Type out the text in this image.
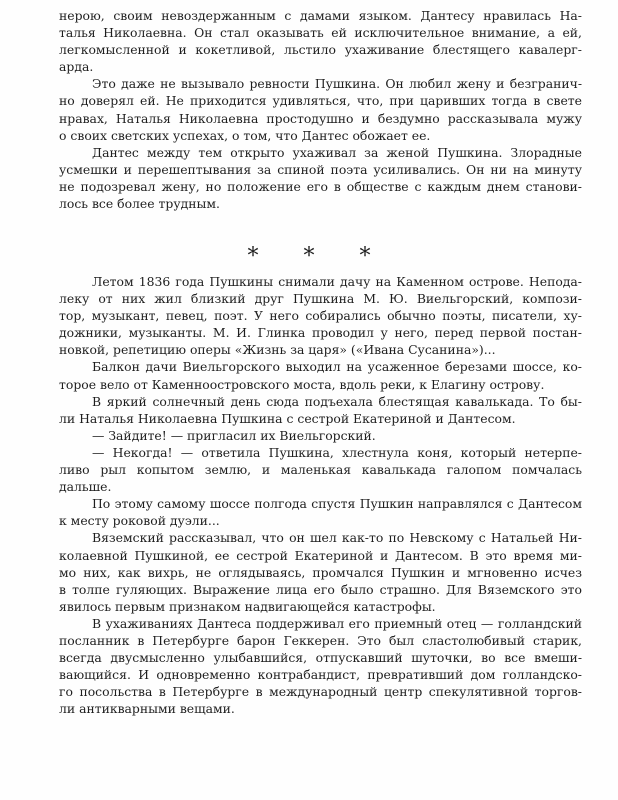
нерою, своим невоздержанным с дамами языком. Дантесу нравилась На-
талья Николаевна. Он стал оказывать ей исключительное внимание, а ей,
легкомысленной и кокетливой, льстило ухаживание блестящего кавалерг-
арда.
Это даже не вызывало ревности Пушкина. Он любил жену и безгранич-
но доверял ей. Не приходится удивляться, что, при царивших тогда в свете
нравах, Наталья Николаевна простодушно и бездумно рассказывала мужу
о своих светских успехах, о том, что Дантес обожает ее.
Дантес между тем открыто ухаживал за женой Пушкина. Злорадные
усмешки и перешептывания за спиной поэта усиливались. Он ни на минуту
не подозревал жену, но положение его в обществе с каждым днем станови-
лось все более трудным.
* * *
Летом 1836 года Пушкины снимали дачу на Каменном острове. Непода-
леку от них жил близкий друг Пушкина М. Ю. Виельгорский, компози-
тор, музыкант, певец, поэт. У него собирались обычно поэты, писатели, ху-
дожники, музыканты. М. И. Глинка проводил у него, перед первой постан-
новкой, репетицию оперы «Жизнь за царя» («Ивана Сусанина»)...
Балкон дачи Виельгорского выходил на усаженное березами шоссе, ко-
торое вело от Каменноостровского моста, вдоль реки, к Елагину острову.
В яркий солнечный день сюда подъехала блестящая кавалькада. То бы-
ли Наталья Николаевна Пушкина с сестрой Екатериной и Дантесом.
— Зайдите! — пригласил их Виельгорский.
— Некогда! — ответила Пушкина, хлестнула коня, который нетерпе-
ливо рыл копытом землю, и маленькая кавалькада галопом помчалась
дальше.
По этому самому шоссе полгода спустя Пушкин направлялся с Дантесом
к месту роковой дуэли...
Вяземский рассказывал, что он шел как-то по Невскому с Натальей Ни-
колаевной Пушкиной, ее сестрой Екатериной и Дантесом. В это время ми-
мо них, как вихрь, не оглядываясь, промчался Пушкин и мгновенно исчез
в толпе гуляющих. Выражение лица его было страшно. Для Вяземского это
явилось первым признаком надвигающейся катастрофы.
В ухаживаниях Дантеса поддерживал его приемный отец — голландский
посланник в Петербурге барон Геккерен. Это был сластолюбивый старик,
всегда двусмысленно улыбавшийся, отпускавший шуточки, во все вмеши-
вающийся. И одновременно контрабандист, превративший дом голландско-
го посольства в Петербурге в международный центр спекулятивной торгов-
ли антикварными вещами.
